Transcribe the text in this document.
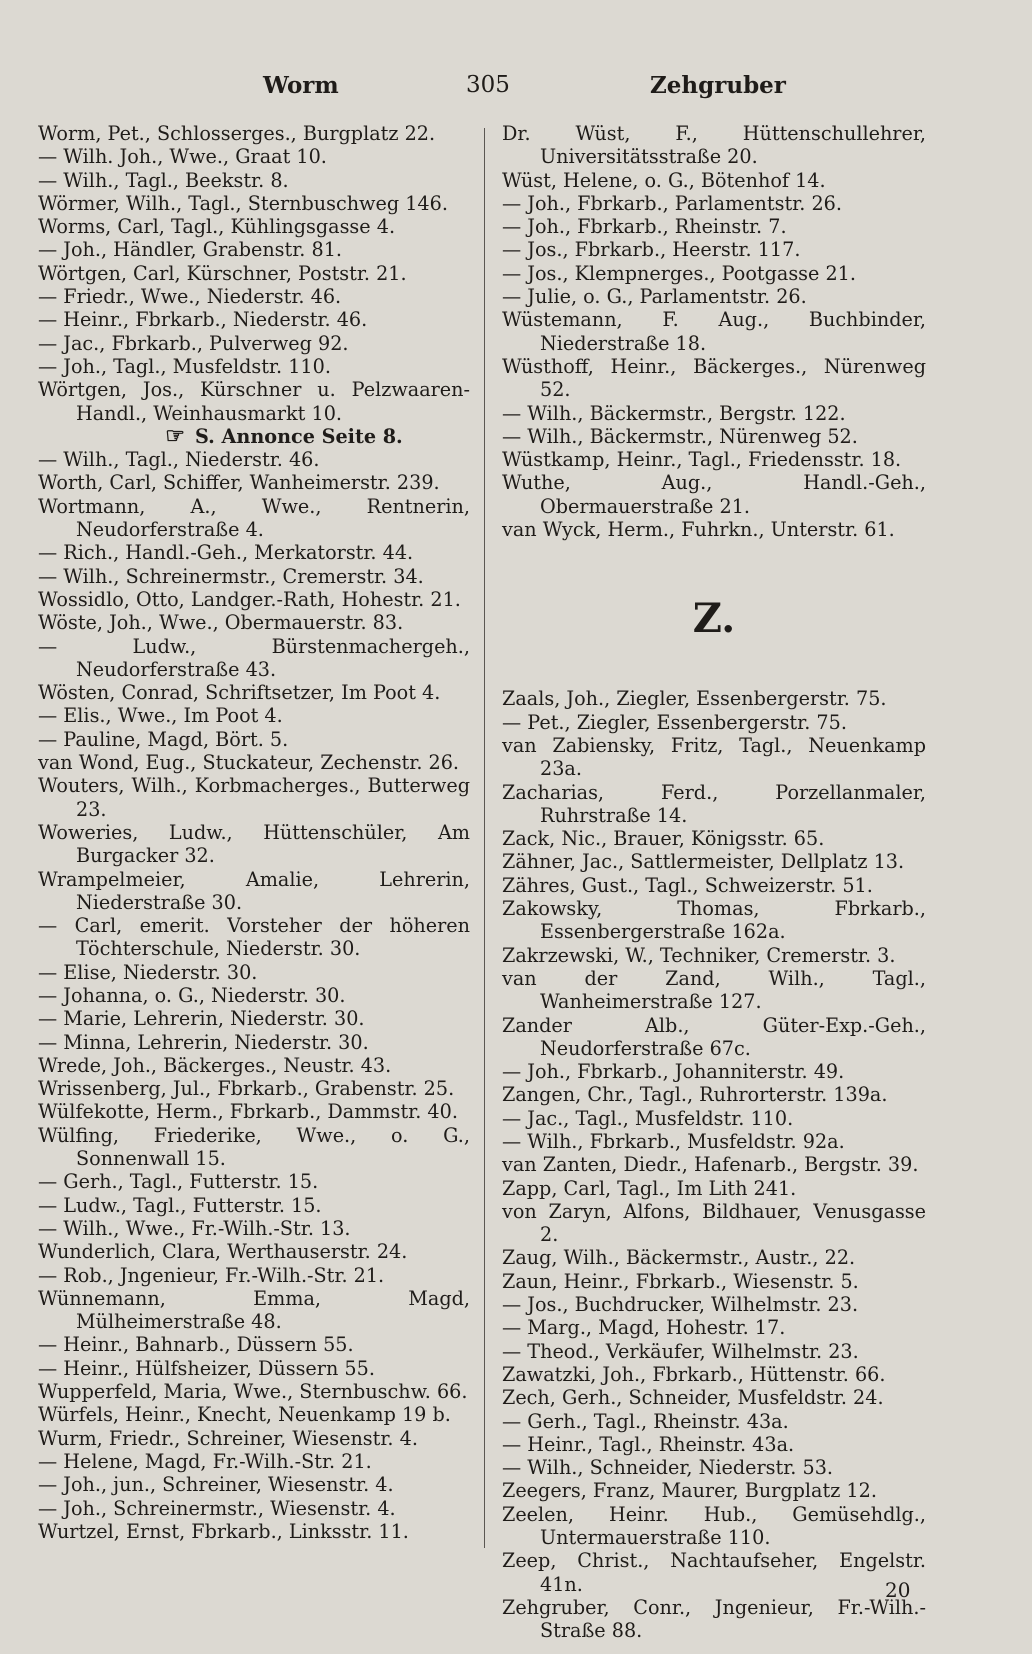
Worm	305	Zehgruber
Worm, Pet., Schlosserges., Burgplatz 22.
— Wilh. Joh., Wwe., Graat 10.
— Wilh., Tagl., Beekstr. 8.
Wörmer, Wilh., Tagl., Sternbuschweg 146.
Worms, Carl, Tagl., Kühlingsgasse 4.
— Joh., Händler, Grabenstr. 81.
Wörtgen, Carl, Kürschner, Poststr. 21.
— Friedr., Wwe., Niederstr. 46.
— Heinr., Fbrkarb., Niederstr. 46.
— Jac., Fbrkarb., Pulverweg 92.
— Joh., Tagl., Musfeldstr. 110.
Wörtgen, Jos., Kürschner u. Pelzwaaren-Handl., Weinhausmarkt 10.
☞ S. Annonce Seite 8.
— Wilh., Tagl., Niederstr. 46.
Worth, Carl, Schiffer, Wanheimerstr. 239.
Wortmann, A., Wwe., Rentnerin, Neudorferstraße 4.
— Rich., Handl.-Geh., Merkatorstr. 44.
— Wilh., Schreinermstr., Cremerstr. 34.
Wossidlo, Otto, Landger.-Rath, Hohestr. 21.
Wöste, Joh., Wwe., Obermauerstr. 83.
— Ludw., Bürstenmachergeh., Neudorferstraße 43.
Wösten, Conrad, Schriftsetzer, Im Poot 4.
— Elis., Wwe., Im Poot 4.
— Pauline, Magd, Bört. 5.
van Wond, Eug., Stuckateur, Zechenstr. 26.
Wouters, Wilh., Korbmacherges., Butterweg 23.
Woweries, Ludw., Hüttenschüler, Am Burgacker 32.
Wrampelmeier, Amalie, Lehrerin, Niederstraße 30.
— Carl, emerit. Vorsteher der höheren Töchterschule, Niederstr. 30.
— Elise, Niederstr. 30.
— Johanna, o. G., Niederstr. 30.
— Marie, Lehrerin, Niederstr. 30.
— Minna, Lehrerin, Niederstr. 30.
Wrede, Joh., Bäckerges., Neustr. 43.
Wrissenberg, Jul., Fbrkarb., Grabenstr. 25.
Wülfekotte, Herm., Fbrkarb., Dammstr. 40.
Wülfing, Friederike, Wwe., o. G., Sonnenwall 15.
— Gerh., Tagl., Futterstr. 15.
— Ludw., Tagl., Futterstr. 15.
— Wilh., Wwe., Fr.-Wilh.-Str. 13.
Wunderlich, Clara, Werthauserstr. 24.
— Rob., Jngenieur, Fr.-Wilh.-Str. 21.
Wünnemann, Emma, Magd, Mülheimerstraße 48.
— Heinr., Bahnarb., Düssern 55.
— Heinr., Hülfsheizer, Düssern 55.
Wupperfeld, Maria, Wwe., Sternbuschw. 66.
Würfels, Heinr., Knecht, Neuenkamp 19 b.
Wurm, Friedr., Schreiner, Wiesenstr. 4.
— Helene, Magd, Fr.-Wilh.-Str. 21.
— Joh., jun., Schreiner, Wiesenstr. 4.
— Joh., Schreinermstr., Wiesenstr. 4.
Wurtzel, Ernst, Fbrkarb., Linksstr. 11.
Dr. Wüst, F., Hüttenschullehrer, Universitätsstraße 20.
Wüst, Helene, o. G., Bötenhof 14.
— Joh., Fbrkarb., Parlamentstr. 26.
— Joh., Fbrkarb., Rheinstr. 7.
— Jos., Fbrkarb., Heerstr. 117.
— Jos., Klempnerges., Pootgasse 21.
— Julie, o. G., Parlamentstr. 26.
Wüstemann, F. Aug., Buchbinder, Niederstraße 18.
Wüsthoff, Heinr., Bäckerges., Nürenweg 52.
— Wilh., Bäckermstr., Bergstr. 122.
— Wilh., Bäckermstr., Nürenweg 52.
Wüstkamp, Heinr., Tagl., Friedensstr. 18.
Wuthe, Aug., Handl.-Geh., Obermauerstraße 21.
van Wyck, Herm., Fuhrkn., Unterstr. 61.
Z.
Zaals, Joh., Ziegler, Essenbergerstr. 75.
— Pet., Ziegler, Essenbergerstr. 75.
van Zabiensky, Fritz, Tagl., Neuenkamp 23a.
Zacharias, Ferd., Porzellanmaler, Ruhrstraße 14.
Zack, Nic., Brauer, Königsstr. 65.
Zähner, Jac., Sattlermeister, Dellplatz 13.
Zähres, Gust., Tagl., Schweizerstr. 51.
Zakowsky, Thomas, Fbrkarb., Essenbergerstraße 162a.
Zakrzewski, W., Techniker, Cremerstr. 3.
van der Zand, Wilh., Tagl., Wanheimerstraße 127.
Zander Alb., Güter-Exp.-Geh., Neudorferstraße 67c.
— Joh., Fbrkarb., Johanniterstr. 49.
Zangen, Chr., Tagl., Ruhrorterstr. 139a.
— Jac., Tagl., Musfeldstr. 110.
— Wilh., Fbrkarb., Musfeldstr. 92a.
van Zanten, Diedr., Hafenarb., Bergstr. 39.
Zapp, Carl, Tagl., Im Lith 241.
von Zaryn, Alfons, Bildhauer, Venusgasse 2.
Zaug, Wilh., Bäckermstr., Austr., 22.
Zaun, Heinr., Fbrkarb., Wiesenstr. 5.
— Jos., Buchdrucker, Wilhelmstr. 23.
— Marg., Magd, Hohestr. 17.
— Theod., Verkäufer, Wilhelmstr. 23.
Zawatzki, Joh., Fbrkarb., Hüttenstr. 66.
Zech, Gerh., Schneider, Musfeldstr. 24.
— Gerh., Tagl., Rheinstr. 43a.
— Heinr., Tagl., Rheinstr. 43a.
— Wilh., Schneider, Niederstr. 53.
Zeegers, Franz, Maurer, Burgplatz 12.
Zeelen, Heinr. Hub., Gemüsehdlg., Untermauerstraße 110.
Zeep, Christ., Nachtaufseher, Engelstr. 41n.
Zehgruber, Conr., Jngenieur, Fr.-Wilh.-Straße 88.
20
